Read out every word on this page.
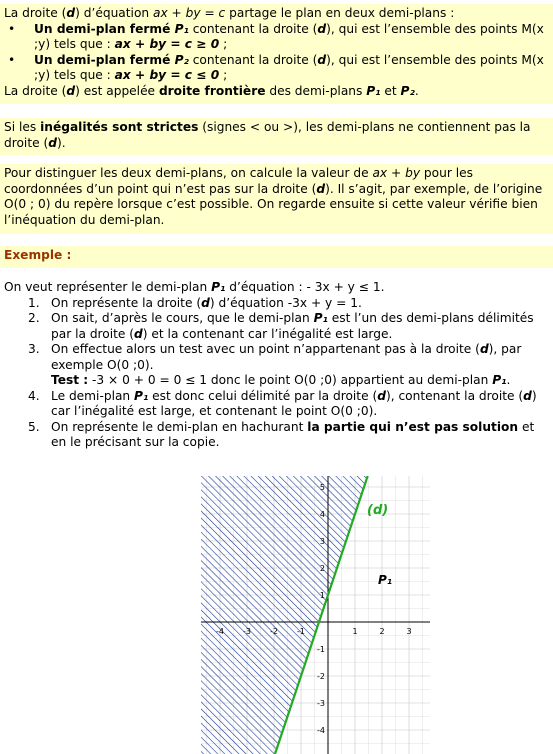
La droite (d) d’équation ax + by = c partage le plan en deux demi-plans :
• Un demi-plan fermé P₁ contenant la droite (d), qui est l’ensemble des points M(x ;y) tels que : ax + by = c ≥ 0 ;
• Un demi-plan fermé P₂ contenant la droite (d), qui est l’ensemble des points M(x ;y) tels que : ax + by = c ≤ 0 ;
La droite (d) est appelée droite frontière des demi-plans P₁ et P₂.
Si les inégalités sont strictes (signes < ou >), les demi-plans ne contiennent pas la droite (d).
Pour distinguer les deux demi-plans, on calcule la valeur de ax + by pour les coordonnées d’un point qui n’est pas sur la droite (d). Il s’agit, par exemple, de l’origine O(0 ; 0) du repère lorsque c’est possible. On regarde ensuite si cette valeur vérifie bien l’inéquation du demi-plan.
Exemple :
On veut représenter le demi-plan P₁ d’équation : - 3x + y ≤ 1.
1. On représente la droite (d) d’équation -3x + y = 1.
2. On sait, d’après le cours, que le demi-plan P₁ est l’un des demi-plans délimités par la droite (d) et la contenant car l’inégalité est large.
3. On effectue alors un test avec un point n’appartenant pas à la droite (d), par exemple O(0 ;0).
Test : -3 × 0 + 0 = 0 ≤ 1 donc le point O(0 ;0) appartient au demi-plan P₁.
4. Le demi-plan P₁ est donc celui délimité par la droite (d), contenant la droite (d) car l’inégalité est large, et contenant le point O(0 ;0).
5. On représente le demi-plan en hachurant la partie qui n’est pas solution et en le précisant sur la copie.
-4 -3 -2 -1	1	2	3
5
4
3
2
1
-1
-2
-3
-4
(d)
P₁
